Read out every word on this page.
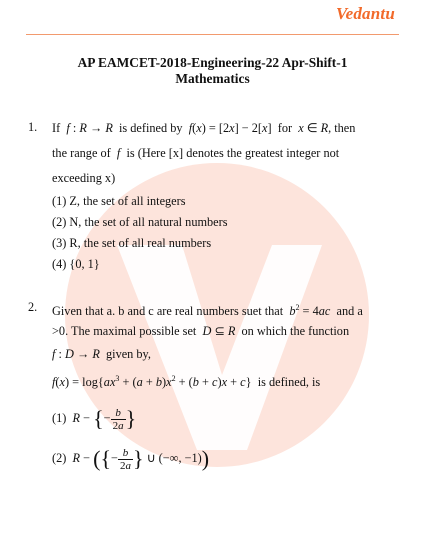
Vedantu
AP EAMCET-2018-Engineering-22 Apr-Shift-1
Mathematics
1. If f : R → R is defined by f(x) = [2x] − 2[x]  for x ∈ R, then
the range of f is (Here [x] denotes the greatest integer not
exceeding x)
(1) Z, the set of all integers
(2) N, the set of all natural numbers
(3) R, the set of all real numbers
(4) {0, 1}
2. Given that a. b and c are real numbers suet that $b^2 = 4ac$ and a
>0. The maximal possible set D ⊆ R on which the function
f : D → R given by,
$f(x) = \log\{ax^3 + (a + b)x^2 + (b + c)x + c\}$  is defined, is
(1) R − {− $\frac{b}{2a}$ }
(2) R − ({− $\frac{b}{2a}$ } ∪ (−∞, −1))
